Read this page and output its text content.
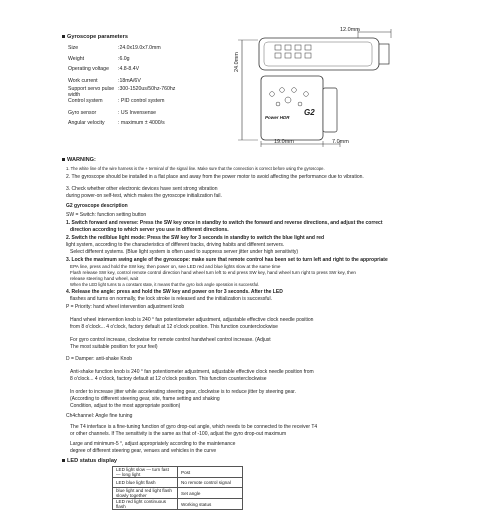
Gyroscope parameters
Size	:24.0x19.0x7.0mm
Weight	:6.0g
Operating voltage	:4.8-8.4V
Work current	:18mA/6V
Support servo pulse width
:300-1520us/50hz-760hz
Control system	: PID control system
Gyro sensor	: US Invensense
Angular velocity	: maximum ± 4000/s
12.0mm
24.0mm
19.0mm	7.0mm
Power HDR
G2
WARNING:
1. The white line of the wire harness is the + terminal of the signal line. Make sure that the connection is correct before using the gyroscope.
2. The gyroscope should be installed in a flat place and away from the power motor to avoid affecting the performance due to vibration.
3. Check whether other electronic devices have sent strong vibration
during power-on self-test, which makes the gyroscope initialization fail.
G2 gyroscope description
SW = Switch: function setting button
1. Switch forward and reverse: Press the SW key once in standby to switch the forward and reverse directions, and adjust the correct
direction according to which server you use in different directions.
2. Switch the red/blue light mode: Press the SW key for 3 seconds in standby to switch the blue light and red
light system, according to the characteristics of different tracks, driving habits and different servers.
Select different systems. (Blue light system is often used to suppress server jitter under high sensitivity)
3. Lock the maximum swing angle of the gyroscope: make sure that remote control has been set to turn left and right to the appropriate
EPA line, press and hold the SW key, then power on, see LED red and blue lights slow at the same time
Flash release SW key, control remote control direction hand wheel turn left to end press SW key, hand wheel turn right to press SW key, then
release steering hand wheel, wait
When the LED light turns to a constant state, it means that the gyro lock angle operation is successful.
4. Release the angle: press and hold the SW key and power on for 3 seconds. After the LED
flashes and turns on normally, the lock stroke is released and the initialization is successful.
P = Priority: hand wheel intervention adjustment knob
Hand wheel intervention knob is 240 ° fan potentiometer adjustment, adjustable effective clock needle position
from 8 o'clock... 4 o'clock, factory default at 12 o'clock position. This function counterclockwise
For gyro control increase, clockwise for remote control handwheel control increase. (Adjust
The most suitable position for your feel)
D = Damper: anti-shake Knob
Anti-shake function knob is 240 ° fan potentiometer adjustment, adjustable effective clock needle position from
8 o'clock... 4 o'clock, factory default at 12 o'clock position. This function counterclockwise
In order to increase jitter while accelerating steering gear, clockwise is to reduce jitter by steering gear.
(According to different steering gear, site, frame setting and shaking
Condition, adjust to the most appropriate position)
Ch4channel: Angle fine tuning
The T4 interface is a fine-tuning function of gyro drop-out angle, which needs to be connected to the receiver T4
or other channels. If The sensitivity is the same as that of -100, adjust the gyro drop-out maximum
Large and minimum-5 °, adjust appropriately according to the maintenance
degree of different steering gear, venues and vehicles in the curve
LED status display
LED light slow — turn fast — long light	Post
LED blue light flash	No remote control signal
blue light and red light flash slowly together	Set angle
LED red light continuous flash	Working status
